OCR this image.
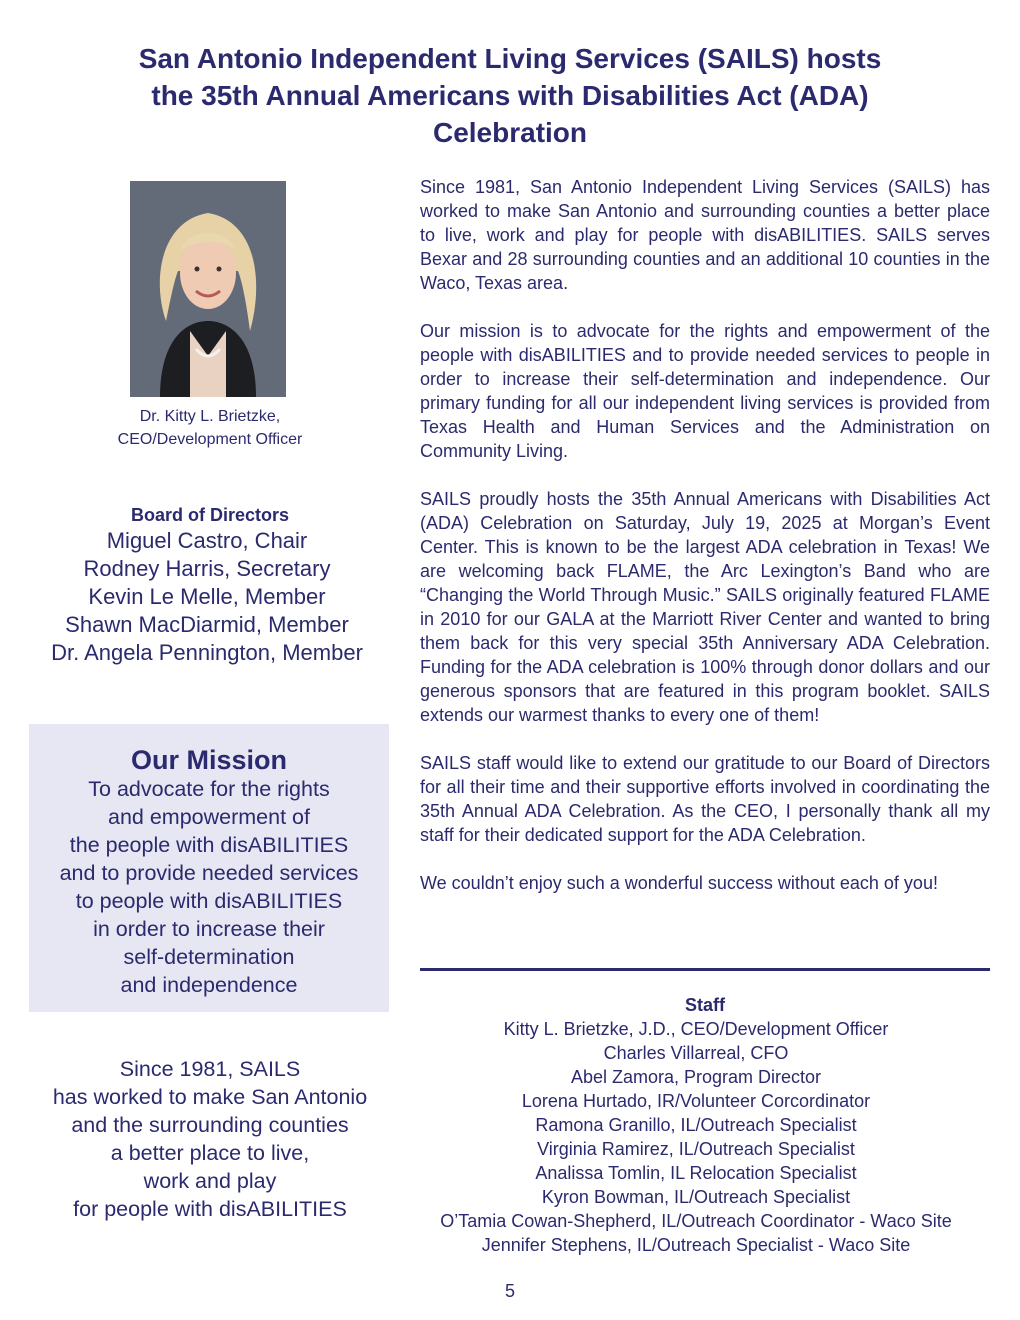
San Antonio Independent Living Services (SAILS) hosts
the 35th Annual Americans with Disabilities Act (ADA)
Celebration
Dr. Kitty L. Brietzke,
CEO/Development Officer
Board of Directors
Miguel Castro, Chair
Rodney Harris, Secretary
Kevin Le Melle, Member
Shawn MacDiarmid, Member
Dr. Angela Pennington, Member
Our Mission
To advocate for the rights
and empowerment of
the people with disABILITIES
and to provide needed services
to people with disABILITIES
in order to increase their
self-determination
and independence
Since 1981, SAILS
has worked to make San Antonio
and the surrounding counties
a better place to live,
work and play
for people with disABILITIES

Since 1981, San Antonio Independent Living Services (SAILS) has worked to make San Antonio and surrounding counties a better place to live, work and play for people with disABILITIES. SAILS serves Bexar and 28 surrounding counties and an additional 10 counties in the Waco, Texas area.

Our mission is to advocate for the rights and empowerment of the people with disABILITIES and to provide needed services to people in order to increase their self-determination and independence. Our primary funding for all our independent living services is provided from Texas Health and Human Services and the Administration on Community Living.

SAILS proudly hosts the 35th Annual Americans with Disabilities Act (ADA) Celebration on Saturday, July 19, 2025 at Morgan’s Event Center. This is known to be the largest ADA celebration in Texas! We are welcoming back FLAME, the Arc Lexington’s Band who are “Changing the World Through Music.” SAILS originally featured FLAME in 2010 for our GALA at the Marriott River Center and wanted to bring them back for this very special 35th Anniversary ADA Celebration. Funding for the ADA celebration is 100% through donor dollars and our generous sponsors that are featured in this program booklet. SAILS extends our warmest thanks to every one of them!

SAILS staff would like to extend our gratitude to our Board of Directors for all their time and their supportive efforts involved in coordinating the 35th Annual ADA Celebration. As the CEO, I personally thank all my staff for their dedicated support for the ADA Celebration.

We couldn’t enjoy such a wonderful success without each of you!

Staff
Kitty L. Brietzke, J.D., CEO/Development Officer
Charles Villarreal, CFO
Abel Zamora, Program Director
Lorena Hurtado, IR/Volunteer Corcordinator
Ramona Granillo, IL/Outreach Specialist
Virginia Ramirez, IL/Outreach Specialist
Analissa Tomlin, IL Relocation Specialist
Kyron Bowman, IL/Outreach Specialist
O’Tamia Cowan-Shepherd, IL/Outreach Coordinator - Waco Site
Jennifer Stephens, IL/Outreach Specialist - Waco Site
5
